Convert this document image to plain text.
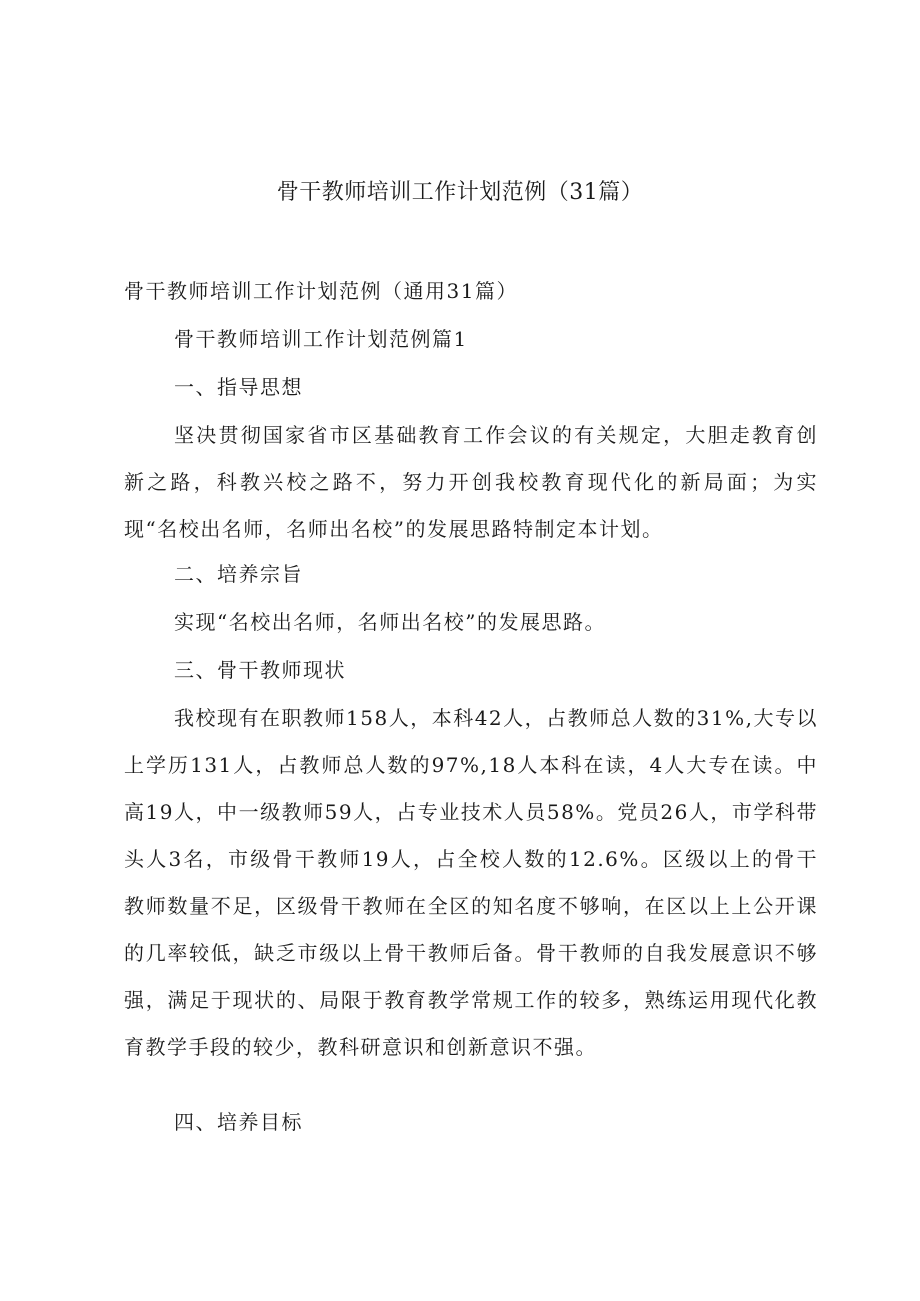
骨干教师培训工作计划范例（31篇）

骨干教师培训工作计划范例（通用31篇）

骨干教师培训工作计划范例篇1

一、指导思想

坚决贯彻国家省市区基础教育工作会议的有关规定，大胆走教育创新之路，科教兴校之路不，努力开创我校教育现代化的新局面；为实现“名校出名师，名师出名校”的发展思路特制定本计划。

二、培养宗旨

实现“名校出名师，名师出名校”的发展思路。

三、骨干教师现状

我校现有在职教师158人，本科42人，占教师总人数的31%,大专以上学历131人，占教师总人数的97%,18人本科在读，4人大专在读。中高19人，中一级教师59人，占专业技术人员58%。党员26人，市学科带头人3名，市级骨干教师19人，占全校人数的12.6%。区级以上的骨干教师数量不足，区级骨干教师在全区的知名度不够响，在区以上上公开课的几率较低，缺乏市级以上骨干教师后备。骨干教师的自我发展意识不够强，满足于现状的、局限于教育教学常规工作的较多，熟练运用现代化教育教学手段的较少，教科研意识和创新意识不强。

四、培养目标
